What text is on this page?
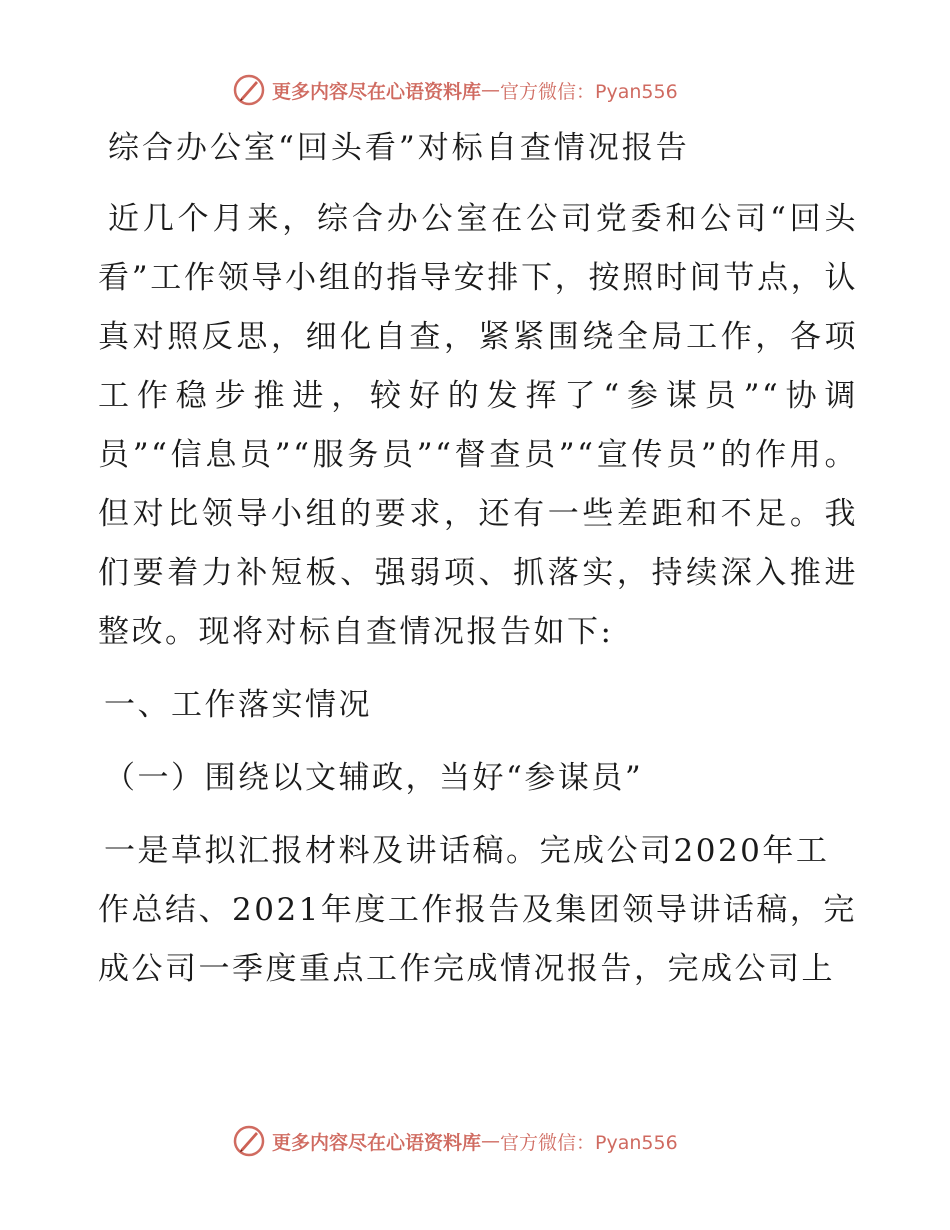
更多内容尽在心语资料库 — 官方微信：Pyan556
综合办公室“回头看”对标自查情况报告

近几个月来，综合办公室在公司党委和公司“回头看”工作领导小组的指导安排下，按照时间节点，认真对照反思，细化自查，紧紧围绕全局工作，各项工作稳步推进，较好的发挥了“参谋员”“协调员”“信息员”“服务员”“督查员”“宣传员”的作用。但对比领导小组的要求，还有一些差距和不足。我们要着力补短板、强弱项、抓落实，持续深入推进整改。现将对标自查情况报告如下:

一、工作落实情况

（一）围绕以文辅政，当好“参谋员”

一是草拟汇报材料及讲话稿。完成公司2020年工作总结、2021年度工作报告及集团领导讲话稿，完成公司一季度重点工作完成情况报告，完成公司上

更多内容尽在心语资料库 — 官方微信：Pyan556
